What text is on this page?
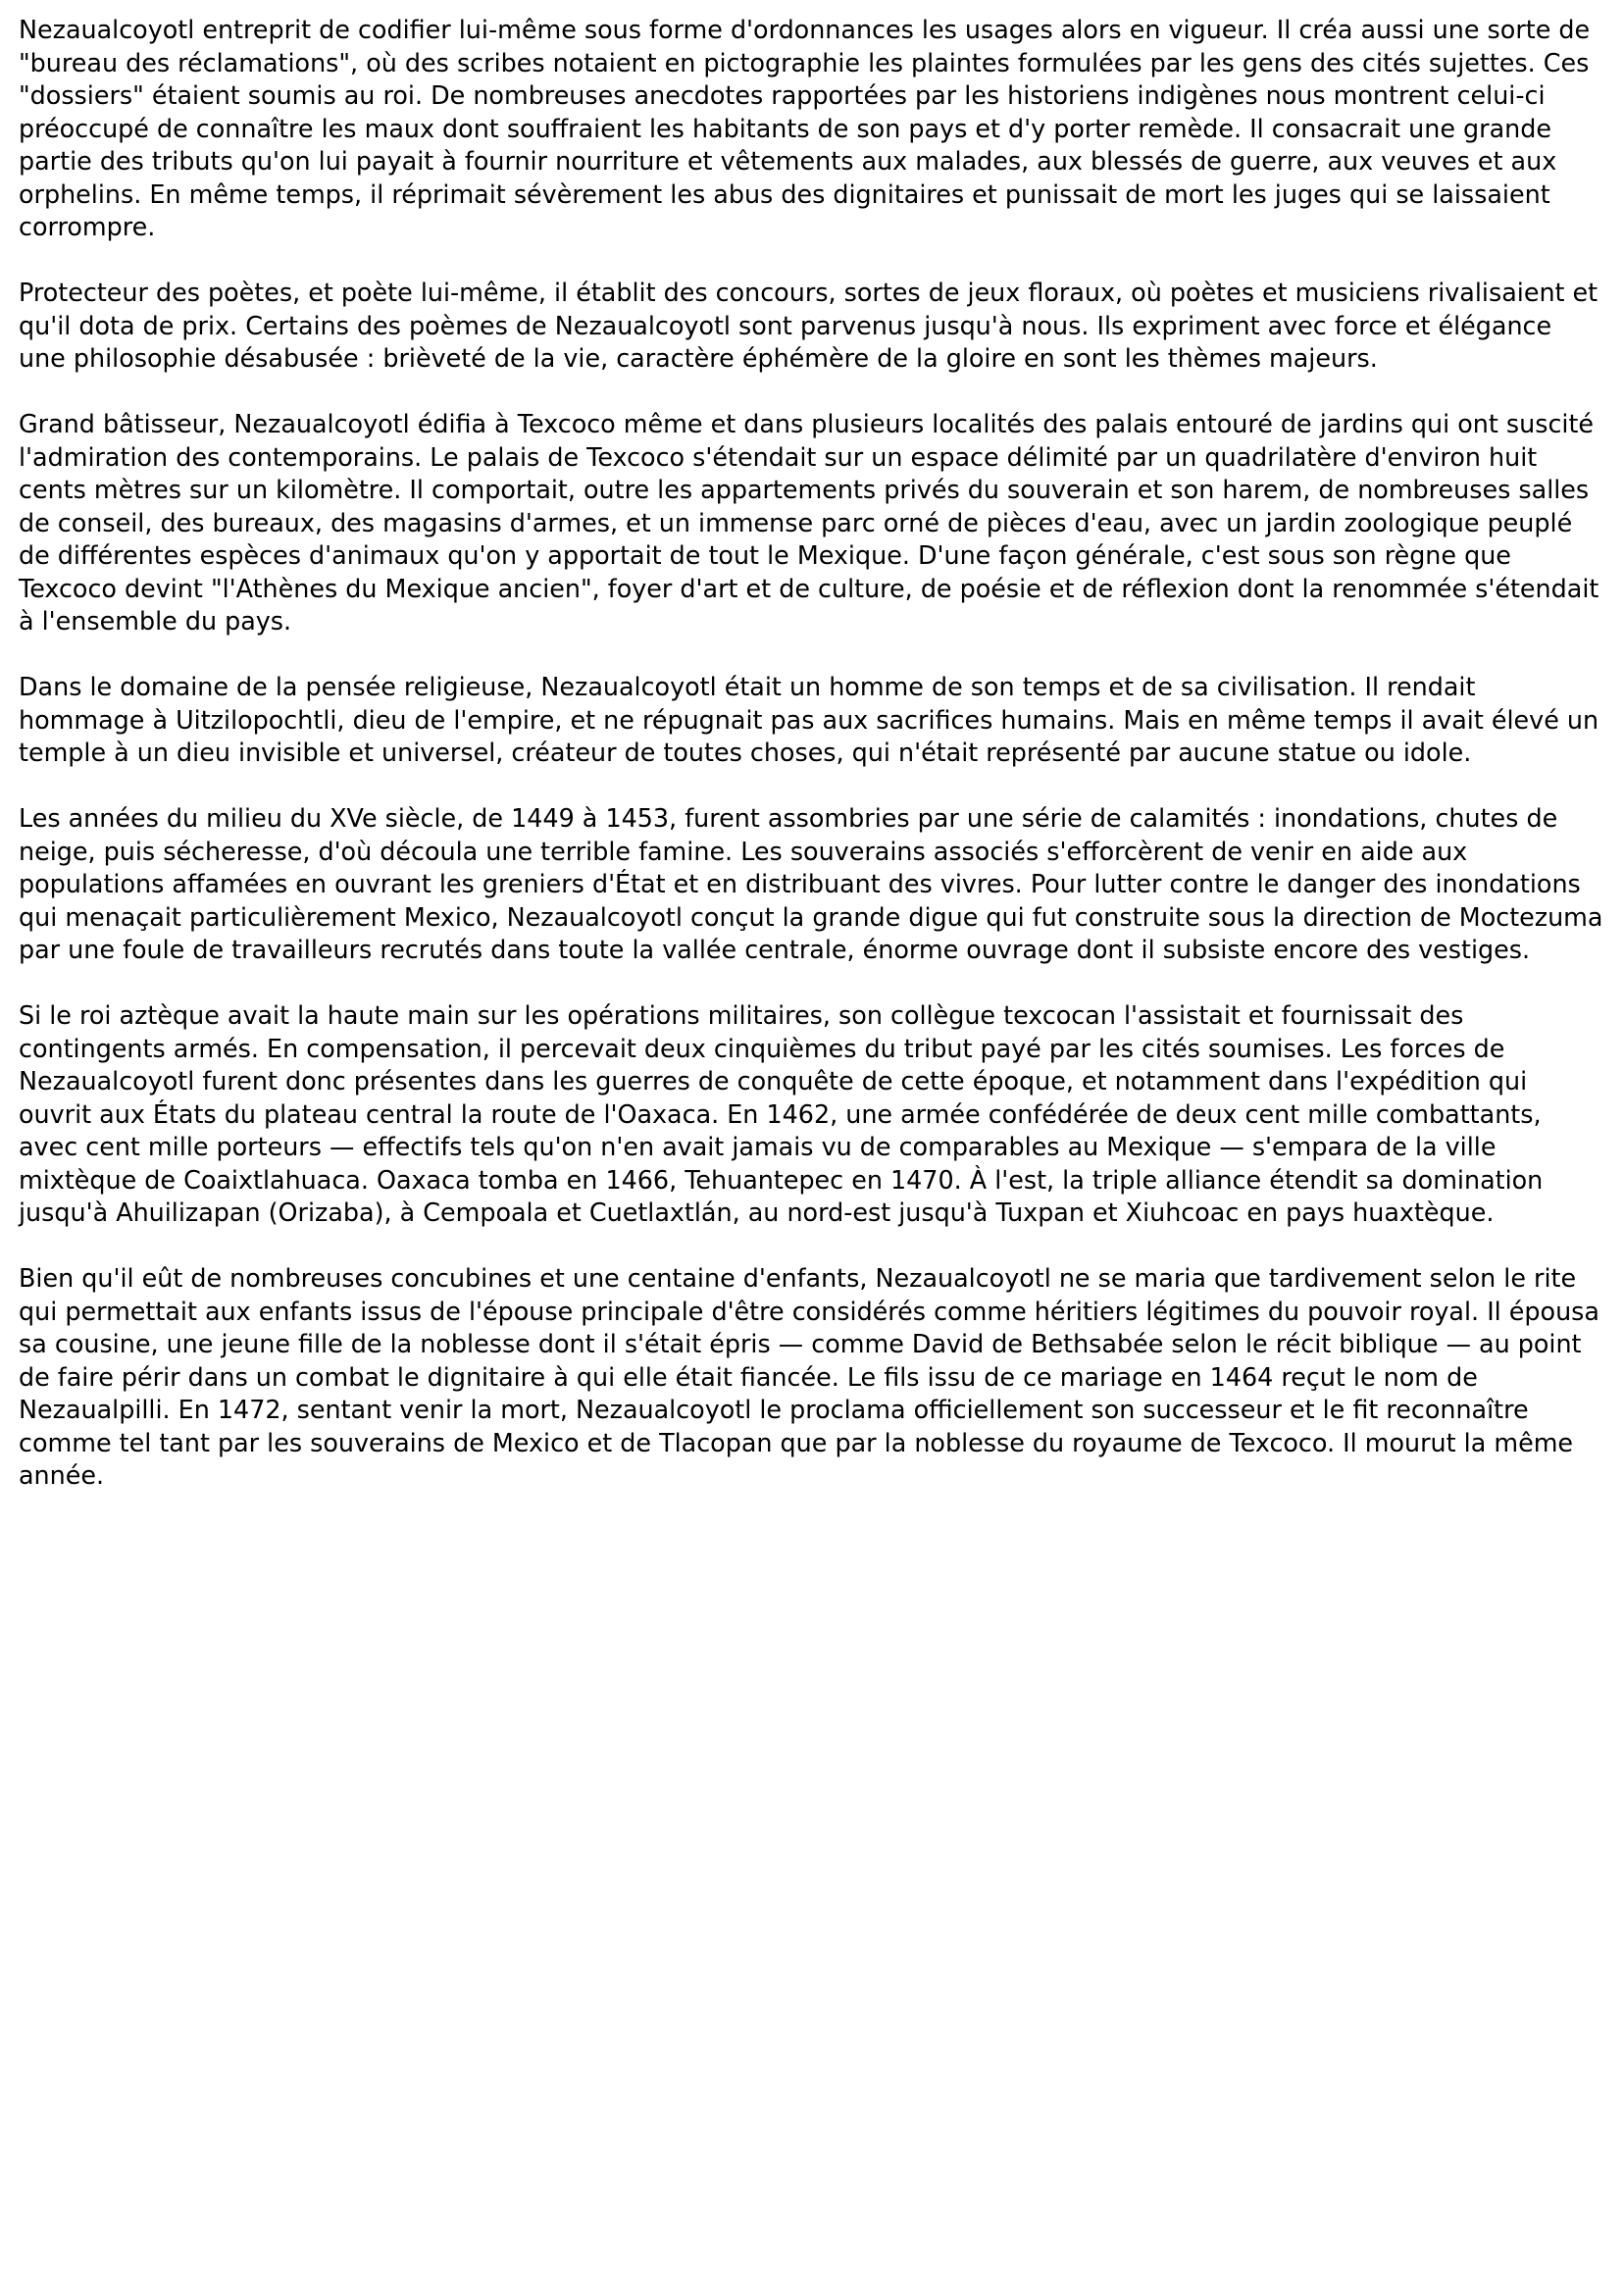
Nezaualcoyotl entreprit de codifier lui-même sous forme d'ordonnances les usages alors en vigueur. Il créa aussi une sorte de "bureau des réclamations", où des scribes notaient en pictographie les plaintes formulées par les gens des cités sujettes. Ces "dossiers" étaient soumis au roi. De nombreuses anecdotes rapportées par les historiens indigènes nous montrent celui-ci préoccupé de connaître les maux dont souffraient les habitants de son pays et d'y porter remède. Il consacrait une grande partie des tributs qu'on lui payait à fournir nourriture et vêtements aux malades, aux blessés de guerre, aux veuves et aux orphelins. En même temps, il réprimait sévèrement les abus des dignitaires et punissait de mort les juges qui se laissaient corrompre.

Protecteur des poètes, et poète lui-même, il établit des concours, sortes de jeux floraux, où poètes et musiciens rivalisaient et qu'il dota de prix. Certains des poèmes de Nezaualcoyotl sont parvenus jusqu'à nous. Ils expriment avec force et élégance une philosophie désabusée : brièveté de la vie, caractère éphémère de la gloire en sont les thèmes majeurs.

Grand bâtisseur, Nezaualcoyotl édifia à Texcoco même et dans plusieurs localités des palais entouré de jardins qui ont suscité l'admiration des contemporains. Le palais de Texcoco s'étendait sur un espace délimité par un quadrilatère d'environ huit cents mètres sur un kilomètre. Il comportait, outre les appartements privés du souverain et son harem, de nombreuses salles de conseil, des bureaux, des magasins d'armes, et un immense parc orné de pièces d'eau, avec un jardin zoologique peuplé de différentes espèces d'animaux qu'on y apportait de tout le Mexique. D'une façon générale, c'est sous son règne que Texcoco devint "l'Athènes du Mexique ancien", foyer d'art et de culture, de poésie et de réflexion dont la renommée s'étendait à l'ensemble du pays.

Dans le domaine de la pensée religieuse, Nezaualcoyotl était un homme de son temps et de sa civilisation. Il rendait hommage à Uitzilopochtli, dieu de l'empire, et ne répugnait pas aux sacrifices humains. Mais en même temps il avait élevé un temple à un dieu invisible et universel, créateur de toutes choses, qui n'était représenté par aucune statue ou idole.

Les années du milieu du XVe siècle, de 1449 à 1453, furent assombries par une série de calamités : inondations, chutes de neige, puis sécheresse, d'où découla une terrible famine. Les souverains associés s'efforcèrent de venir en aide aux populations affamées en ouvrant les greniers d'État et en distribuant des vivres. Pour lutter contre le danger des inondations qui menaçait particulièrement Mexico, Nezaualcoyotl conçut la grande digue qui fut construite sous la direction de Moctezuma par une foule de travailleurs recrutés dans toute la vallée centrale, énorme ouvrage dont il subsiste encore des vestiges.

Si le roi aztèque avait la haute main sur les opérations militaires, son collègue texcocan l'assistait et fournissait des contingents armés. En compensation, il percevait deux cinquièmes du tribut payé par les cités soumises. Les forces de Nezaualcoyotl furent donc présentes dans les guerres de conquête de cette époque, et notamment dans l'expédition qui ouvrit aux États du plateau central la route de l'Oaxaca. En 1462, une armée confédérée de deux cent mille combattants, avec cent mille porteurs — effectifs tels qu'on n'en avait jamais vu de comparables au Mexique — s'empara de la ville mixtèque de Coaixtlahuaca. Oaxaca tomba en 1466, Tehuantepec en 1470. À l'est, la triple alliance étendit sa domination jusqu'à Ahuilizapan (Orizaba), à Cempoala et Cuetlaxtlán, au nord-est jusqu'à Tuxpan et Xiuhcoac en pays huaxtèque.

Bien qu'il eût de nombreuses concubines et une centaine d'enfants, Nezaualcoyotl ne se maria que tardivement selon le rite qui permettait aux enfants issus de l'épouse principale d'être considérés comme héritiers légitimes du pouvoir royal. Il épousa sa cousine, une jeune fille de la noblesse dont il s'était épris — comme David de Bethsabée selon le récit biblique — au point de faire périr dans un combat le dignitaire à qui elle était fiancée. Le fils issu de ce mariage en 1464 reçut le nom de Nezaualpilli. En 1472, sentant venir la mort, Nezaualcoyotl le proclama officiellement son successeur et le fit reconnaître comme tel tant par les souverains de Mexico et de Tlacopan que par la noblesse du royaume de Texcoco. Il mourut la même année.
